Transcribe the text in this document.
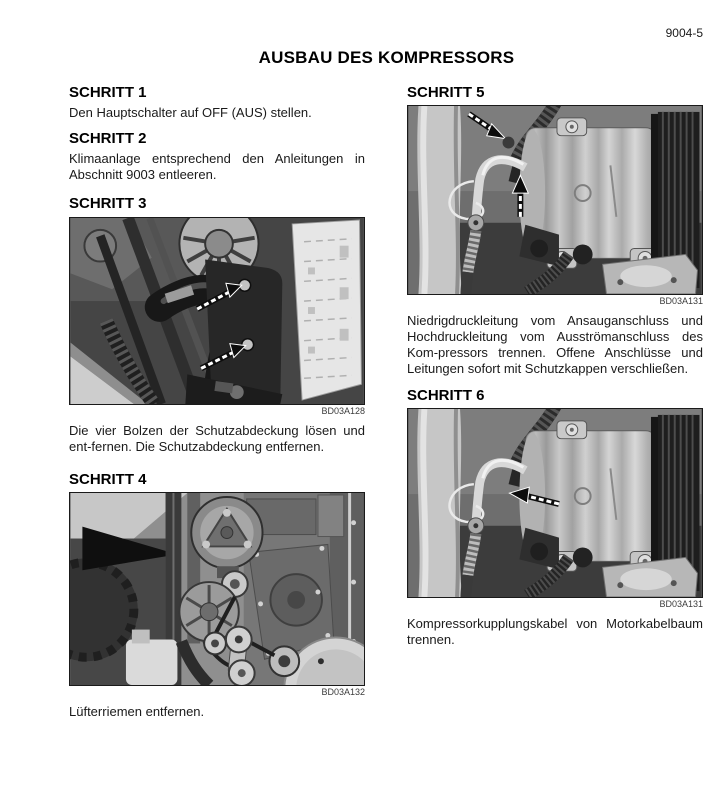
9004-5
AUSBAU DES KOMPRESSORS
SCHRITT 1

Den Hauptschalter auf OFF (AUS) stellen.

SCHRITT 2

Klimaanlage entsprechend den Anleitungen in Abschnitt 9003 entleeren.

SCHRITT 3
BD03A128

Die vier Bolzen der Schutzabdeckung lösen und ent-fernen. Die Schutzabdeckung entfernen.

SCHRITT 4
BD03A132

Lüfterriemen entfernen.

SCHRITT 5
BD03A131

Niedrigdruckleitung vom Ansauganschluss und Hochdruckleitung vom Ausströmanschluss des Kom-pressors trennen. Offene Anschlüsse und Leitungen sofort mit Schutzkappen verschließen.

SCHRITT 6
BD03A131

Kompressorkupplungskabel von Motorkabelbaum trennen.
